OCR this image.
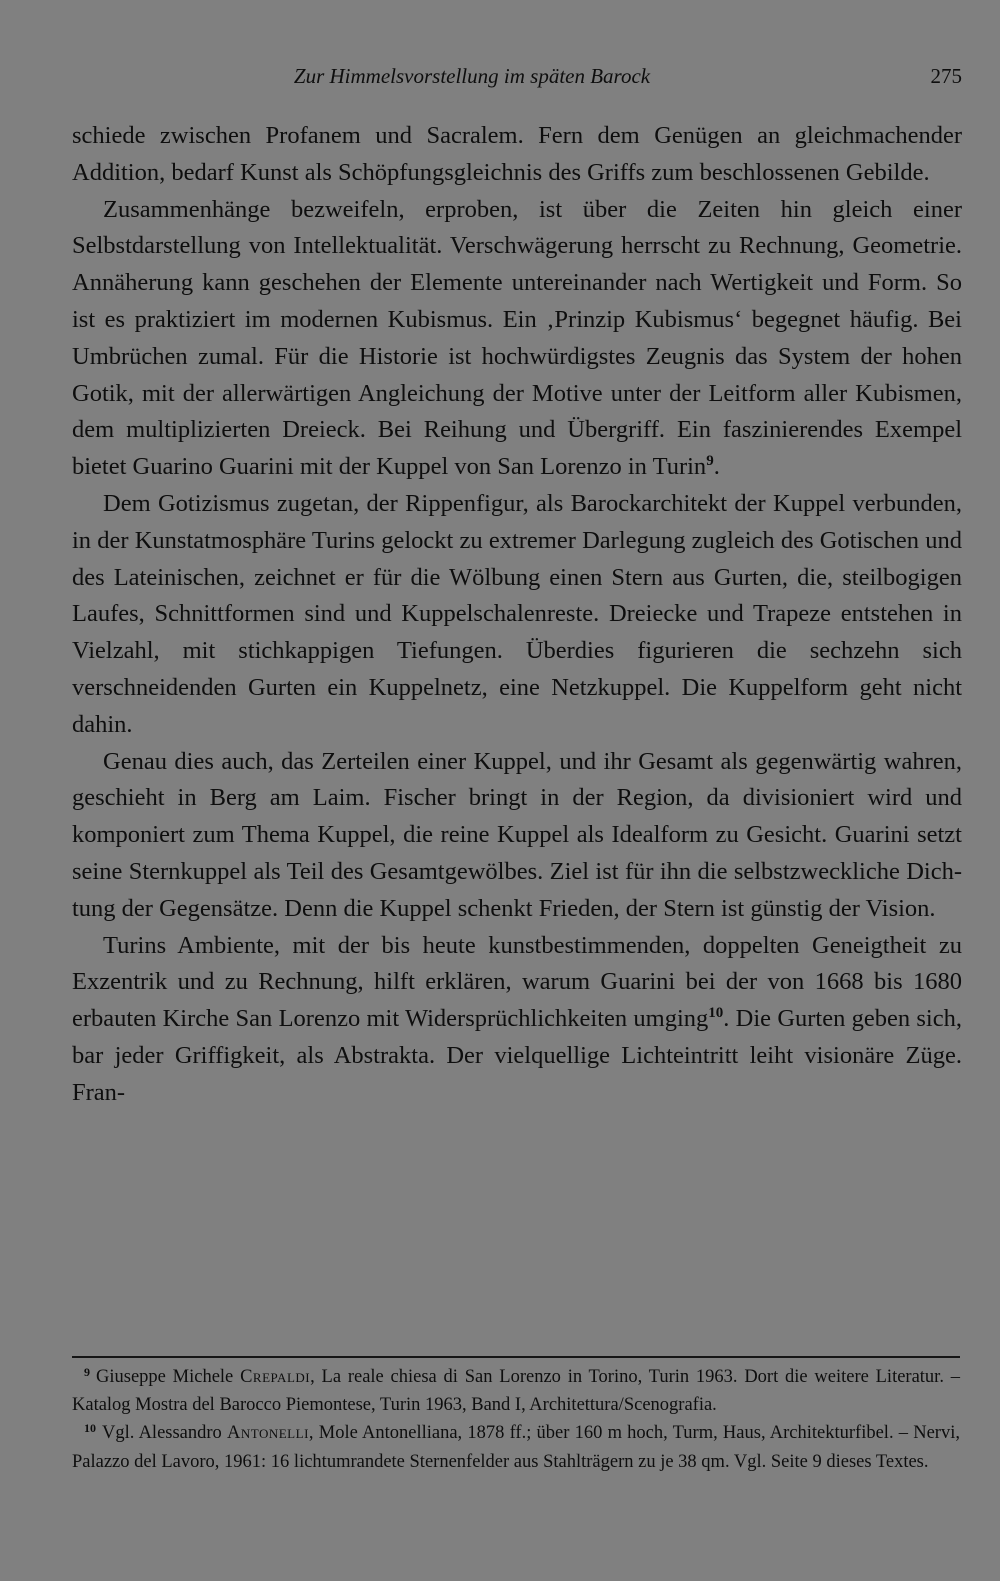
Zur Himmelsvorstellung im späten Barock	275

schiede zwischen Profanem und Sacralem. Fern dem Genügen an gleichmachender Addition, bedarf Kunst als Schöpfungsgleichnis des Griffs zum beschlossenen Gebilde.

Zusammenhänge bezweifeln, erproben, ist über die Zeiten hin gleich einer Selbstdarstellung von Intellektualität. Verschwägerung herrscht zu Rechnung, Geometrie. Annäherung kann geschehen der Elemente untereinander nach Wertigkeit und Form. So ist es praktiziert im modernen Kubismus. Ein ‚Prinzip Kubismus‘ begegnet häufig. Bei Umbrüchen zumal. Für die Historie ist hochwürdigstes Zeugnis das System der hohen Gotik, mit der allerwärtigen Angleichung der Motive unter der Leitform aller Kubismen, dem multiplizierten Dreieck. Bei Reihung und Übergriff. Ein faszinierendes Exempel bietet Guarino Guarini mit der Kuppel von San Lorenzo in Turin$^9$.

Dem Gotizismus zugetan, der Rippenfigur, als Barockarchitekt der Kuppel verbunden, in der Kunstatmosphäre Turins gelockt zu extremer Darlegung zugleich des Gotischen und des Lateinischen, zeichnet er für die Wölbung einen Stern aus Gurten, die, steilbogigen Laufes, Schnittformen sind und Kuppelschalenreste. Dreiecke und Trapeze entstehen in Vielzahl, mit stichkappigen Tiefungen. Überdies figurieren die sechzehn sich verschneidenden Gurten ein Kuppelnetz, eine Netzkuppel. Die Kuppelform geht nicht dahin.

Genau dies auch, das Zerteilen einer Kuppel, und ihr Gesamt als gegenwärtig wahren, geschieht in Berg am Laim. Fischer bringt in der Region, da divisioniert wird und komponiert zum Thema Kuppel, die reine Kuppel als Idealform zu Gesicht. Guarini setzt seine Sternkuppel als Teil des Gesamtgewölbes. Ziel ist für ihn die selbstzweckliche Dichtung der Gegensätze. Denn die Kuppel schenkt Frieden, der Stern ist günstig der Vision.

Turins Ambiente, mit der bis heute kunstbestimmenden, doppelten Geneigtheit zu Exzentrik und zu Rechnung, hilft erklären, warum Guarini bei der von 1668 bis 1680 erbauten Kirche San Lorenzo mit Widersprüchlichkeiten umging$^{10}$. Die Gurten geben sich, bar jeder Griffigkeit, als Abstrakta. Der vielquellige Lichteintritt leiht visionäre Züge. Fran-

$^9$ Giuseppe Michele Crepaldi, La reale chiesa di San Lorenzo in Torino, Turin 1963. Dort die weitere Literatur. – Katalog Mostra del Barocco Piemontese, Turin 1963, Band I, Architettura/Scenografia.

$^{10}$ Vgl. Alessandro Antonelli, Mole Antonelliana, 1878 ff.; über 160 m hoch, Turm, Haus, Architekturfibel. – Nervi, Palazzo del Lavoro, 1961: 16 lichtumrandete Sternenfelder aus Stahlträgern zu je 38 qm. Vgl. Seite 9 dieses Textes.
